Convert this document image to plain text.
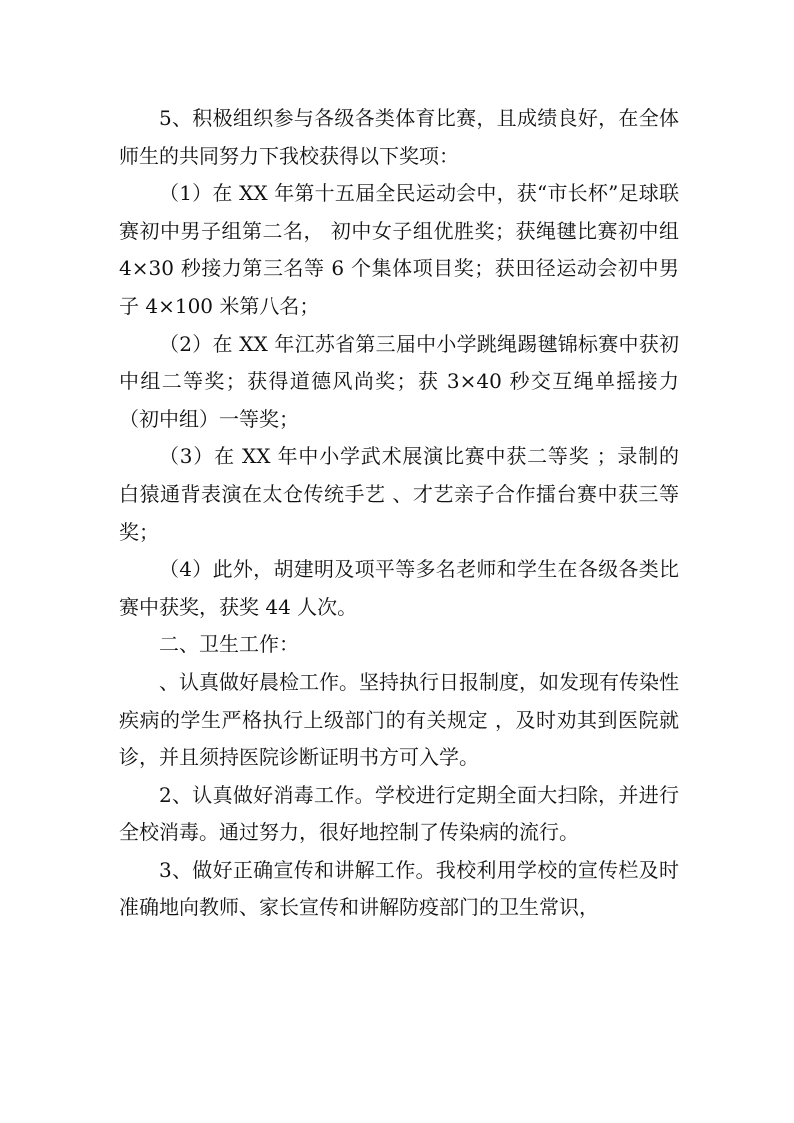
5、积极组织参与各级各类体育比赛，且成绩良好，在全体师生的共同努力下我校获得以下奖项：

（1）在 XX 年第十五届全民运动会中，获“市长杯”足球联赛初中男子组第二名， 初中女子组优胜奖；获绳毽比赛初中组 4×30 秒接力第三名等 6 个集体项目奖；获田径运动会初中男子 4×100 米第八名；

（2）在 XX 年江苏省第三届中小学跳绳踢毽锦标赛中获初中组二等奖；获得道德风尚奖；获 3×40 秒交互绳单摇接力（初中组）一等奖；

（3）在 XX 年中小学武术展演比赛中获二等奖 ；录制的白猿通背表演在太仓传统手艺 、才艺亲子合作擂台赛中获三等奖；

（4）此外，胡建明及项平等多名老师和学生在各级各类比赛中获奖，获奖 44 人次。

二、卫生工作：

、认真做好晨检工作。坚持执行日报制度，如发现有传染性疾病的学生严格执行上级部门的有关规定 ，及时劝其到医院就诊，并且须持医院诊断证明书方可入学。

2、认真做好消毒工作。学校进行定期全面大扫除，并进行全校消毒。通过努力，很好地控制了传染病的流行。

3、做好正确宣传和讲解工作。我校利用学校的宣传栏及时准确地向教师、家长宣传和讲解防疫部门的卫生常识，
